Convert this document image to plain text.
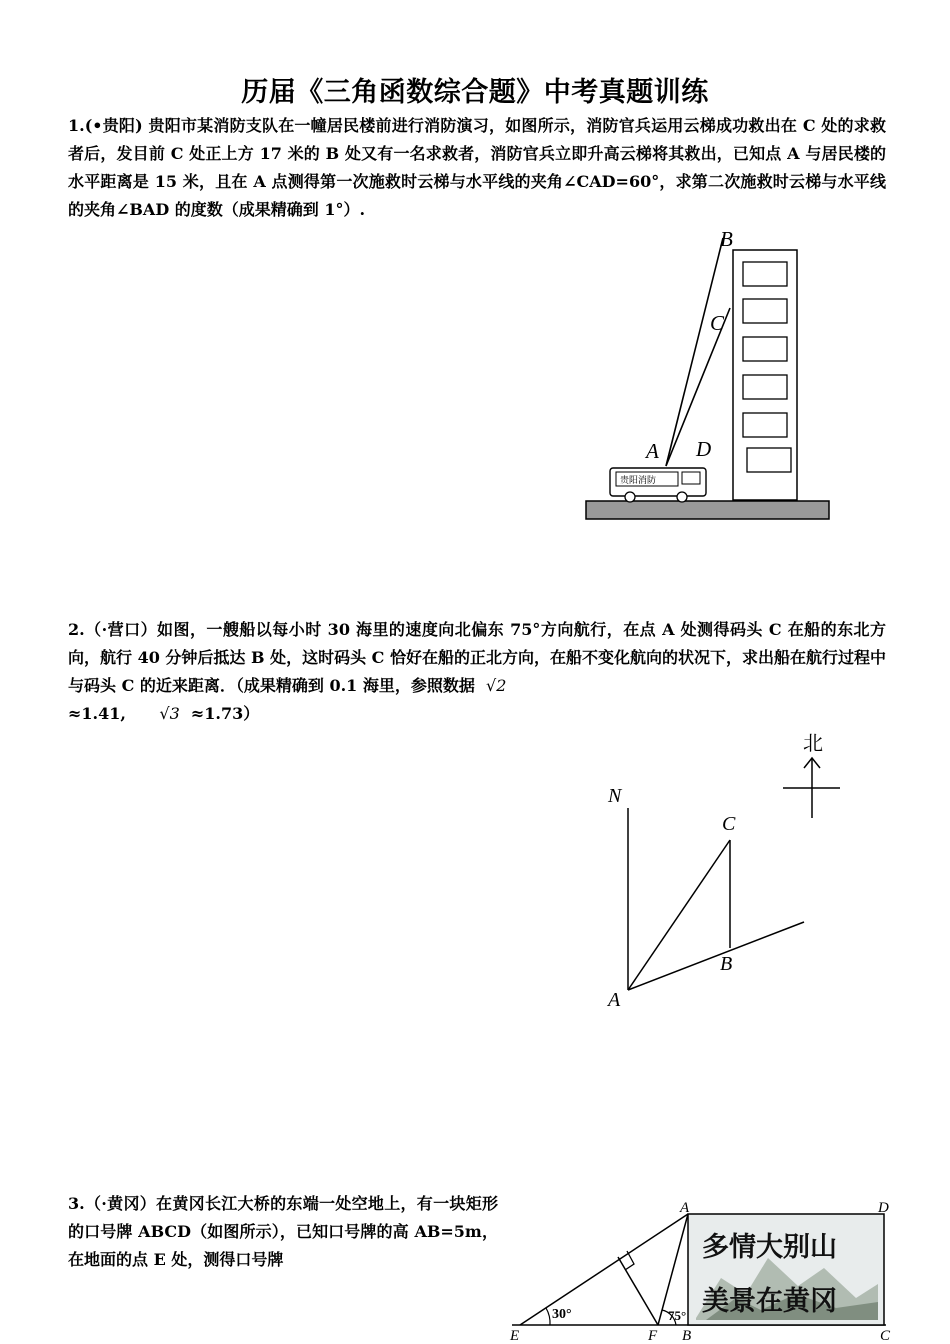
历届《三角函数综合题》中考真题训练
1.(•贵阳) 贵阳市某消防支队在一幢居民楼前进行消防演习，如图所示，消防官兵运用云梯成功救出在 C 处的求救者后，发目前 C 处正上方 17 米的 B 处又有一名求救者，消防官兵立即升高云梯将其救出，已知点 A 与居民楼的水平距离是 15 米，且在 A 点测得第一次施救时云梯与水平线的夹角∠CAD=60°，求第二次施救时云梯与水平线的夹角∠BAD 的度数（成果精确到 1°）.
贵阳消防
B
C
A D
2.（·营口）如图，一艘船以每小时 30 海里的速度向北偏东 75°方向航行，在点 A 处测得码头 C 在船的东北方向，航行 40 分钟后抵达 B 处，这时码头 C 恰好在船的正北方向，在船不变化航向的状况下，求出船在航行过程中与码头 C 的近来距离．（成果精确到 0.1 海里，参照数据 √2
≈1.41, √3 ≈1.73）
北
N
C
B
A
3.（·黄冈）在黄冈长江大桥的东端一处空地上，有一块矩形的口号牌 ABCD（如图所示），已知口号牌的高 AB=5m，在地面的点 E 处，测得口号牌	多情大别山
美景在黄冈
30°	75°
A	D
E	F B	C
